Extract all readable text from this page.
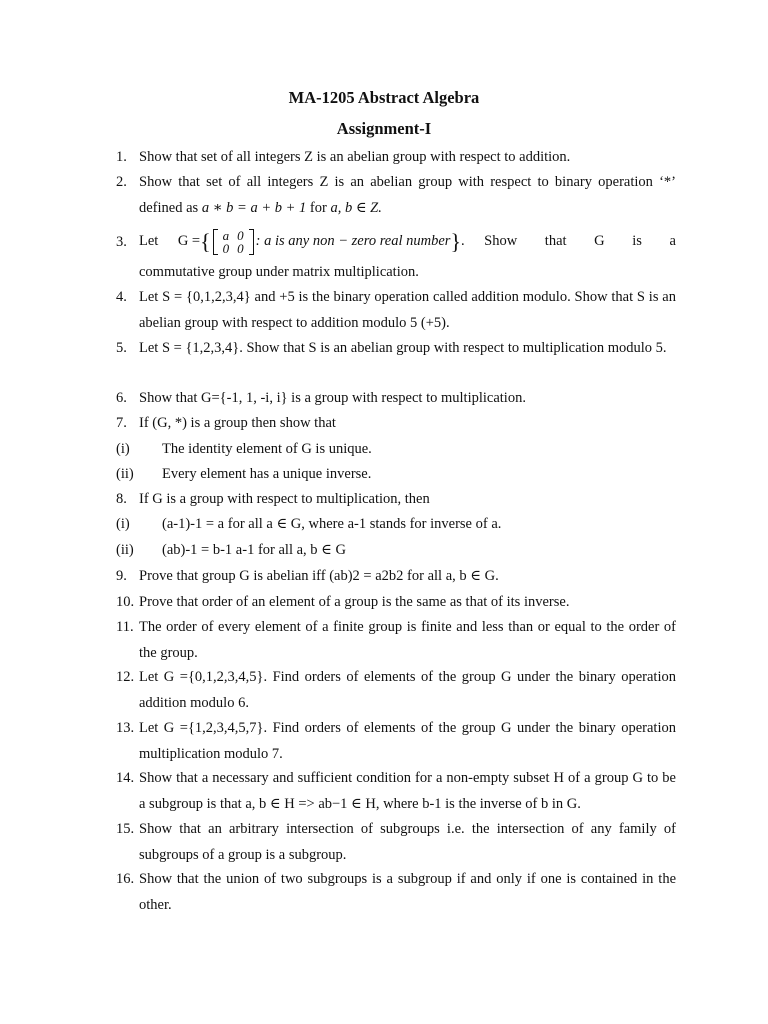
MA-1205 Abstract Algebra
Assignment-I
1. Show that set of all integers Z is an abelian group with respect to addition.
2. Show that set of all integers Z is an abelian group with respect to binary operation ‘*’ defined as a ∗ b = a + b + 1 for a, b ∈ Z.
3. Let G = { a	0
0	0 : a is any non − zero real number } . Show that G is a
commutative group under matrix multiplication.
4. Let S = {0,1,2,3,4} and +5 is the binary operation called addition modulo. Show that S is an abelian group with respect to addition modulo 5 (+5).
5. Let S = {1,2,3,4}. Show that S is an abelian group with respect to multiplication modulo 5.
6. Show that G={-1, 1, -i, i} is a group with respect to multiplication.
7. If (G, *) is a group then show that
(i) The identity element of G is unique.
(ii) Every element has a unique inverse.
8. If G is a group with respect to multiplication, then
(i) (a-1)-1 = a for all a ∈ G, where a-1 stands for inverse of a.
(ii) (ab)-1 = b-1 a-1 for all a, b ∈ G
9. Prove that group G is abelian iff (ab)2 = a2b2 for all a, b ∈ G.
10. Prove that order of an element of a group is the same as that of its inverse.
11. The order of every element of a finite group is finite and less than or equal to the order of the group.
12. Let G ={0,1,2,3,4,5}. Find orders of elements of the group G under the binary operation addition modulo 6.
13. Let G ={1,2,3,4,5,7}. Find orders of elements of the group G under the binary operation multiplication modulo 7.
14. Show that a necessary and sufficient condition for a non-empty subset H of a group G to be a subgroup is that a, b ∈ H => ab−1 ∈ H, where b-1 is the inverse of b in G.
15. Show that an arbitrary intersection of subgroups i.e. the intersection of any family of subgroups of a group is a subgroup.
16. Show that the union of two subgroups is a subgroup if and only if one is contained in the other.
